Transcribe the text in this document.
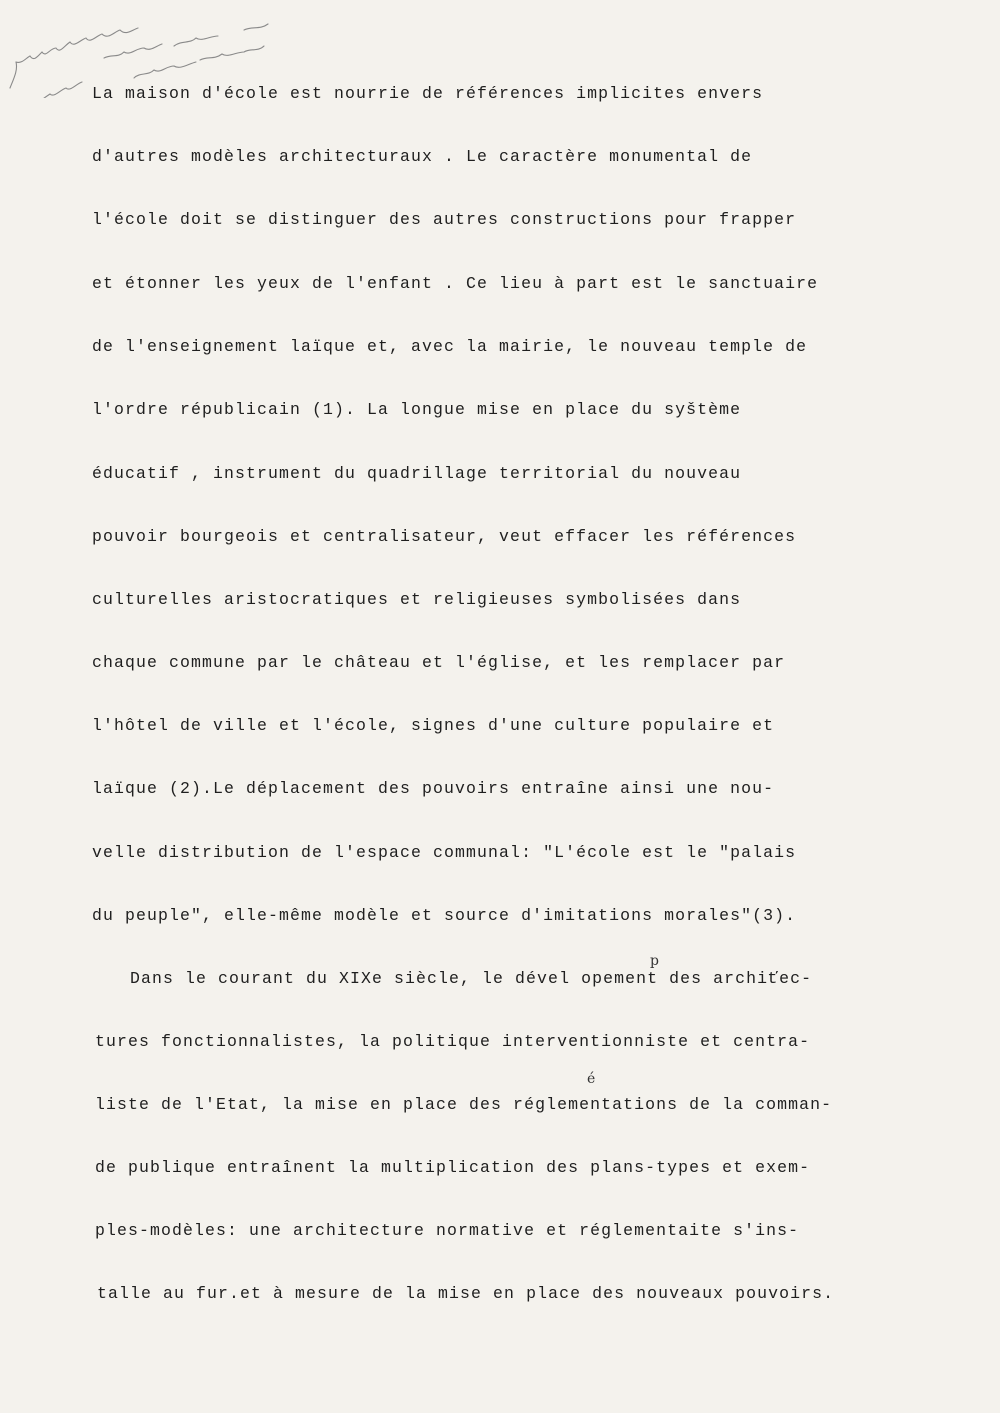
La maison d'école est nourrie de références implicites envers
d'autres modèles architecturaux . Le caractère monumental de
l'école doit se distinguer des autres constructions pour frapper
et étonner les yeux de l'enfant . Ce lieu à part est le sanctuaire
de l'enseignement laïque et, avec la mairie, le nouveau temple de
l'ordre républicain (1). La longue mise en place du syštème
éducatif , instrument du quadrillage territorial du nouveau
pouvoir bourgeois et centralisateur, veut effacer les références
culturelles aristocratiques et religieuses symbolisées dans
chaque commune par le château et l'église, et les remplacer par
l'hôtel de ville et l'école, signes d'une culture populaire et
laïque (2).Le déplacement des pouvoirs entraîne ainsi une nou-
velle distribution de l'espace communal: "L'école est le "palais
du peuple", elle-même modèle et source d'imitations morales"(3).
Dans le courant du XIXe siècle, le dével opement des archiťec-
tures fonctionnalistes, la politique interventionniste et centra-
liste de l'Etat, la mise en place des réglementations de la comman-
de publique entraînent la multiplication des plans-types et exem-
ples-modèles: une architecture normative et réglementaite s'ins-
talle au fur.et à mesure de la mise en place des nouveaux pouvoirs.
p
é
